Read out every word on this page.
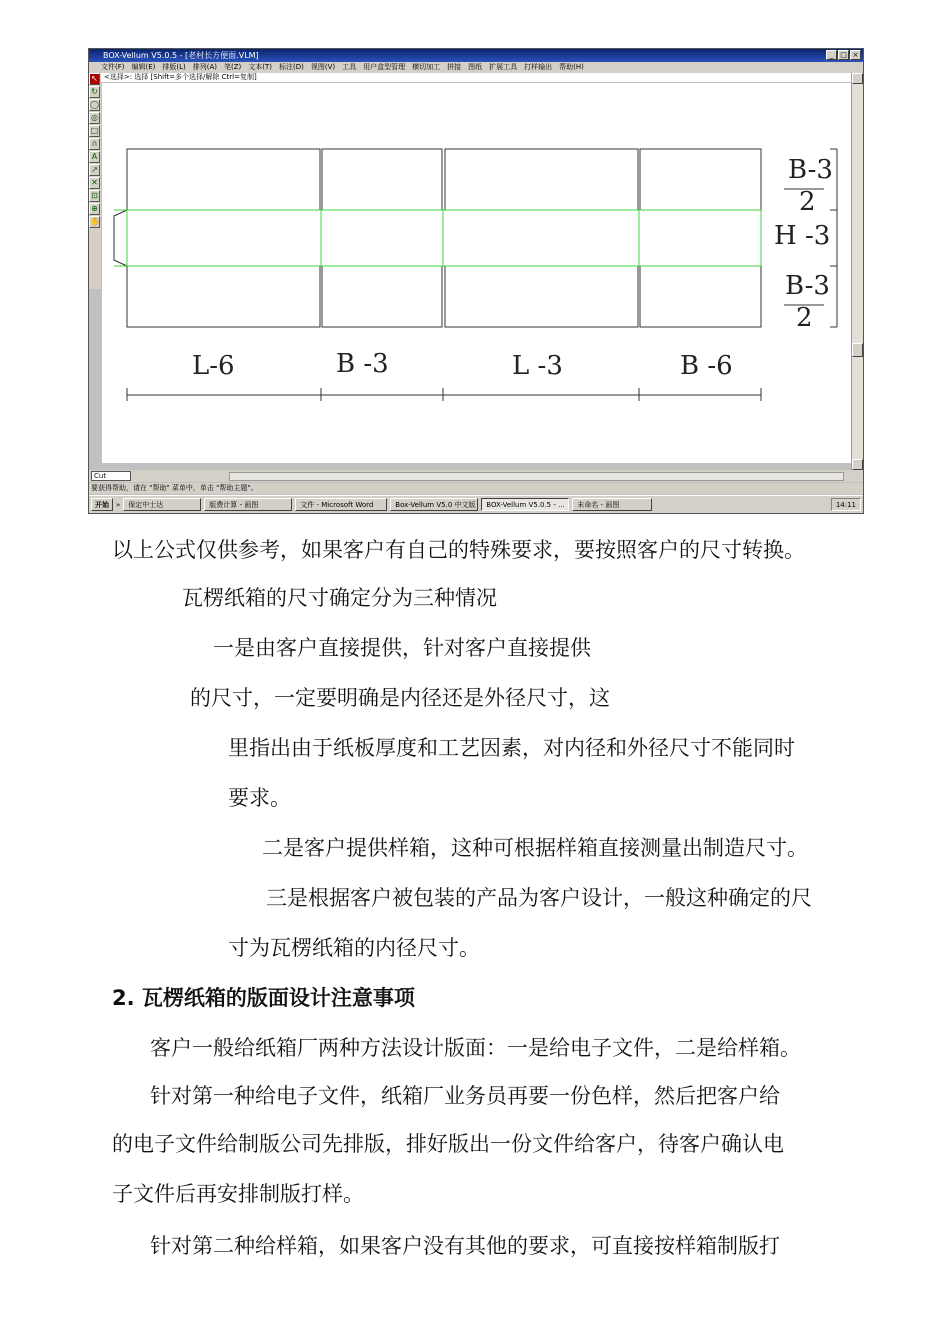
BOX-Vellum V5.0.5 - [老村长方便面.VLM]	_ □ ×
文件(F) 编辑(E) 排版(L) 排列(A) 笔(Z) 文本(T) 标注(D) 视图(V) 工具 用户盒型管理 横切加工 拼接 图纸 扩展工具 打样输出 帮助(H)
↖
↻
◯
◎
□
∩
A
↗
✕
⊡
⊕
✋
<选择>: 选择 [Shift=多个选择/解除 Ctrl=复制]
L-6	B -3	L -3	B -6
B-3
2
H -3
B-3
2
Cut
要获得帮助，请在 "帮助" 菜单中，单击 "帮助主题"。
开始	»	保定中士达	版费计算 - 画图	文件 - Microsoft Word	Box-Vellum V5.0 中文版	BOX-Vellum V5.0.5 - ...	未命名 - 画图	14:11

以上公式仅供参考，如果客户有自己的特殊要求，要按照客户的尺寸转换。

瓦楞纸箱的尺寸确定分为三种情况

一是由客户直接提供，针对客户直接提供

的尺寸，一定要明确是内径还是外径尺寸，这

里指出由于纸板厚度和工艺因素，对内径和外径尺寸不能同时

要求。

二是客户提供样箱，这种可根据样箱直接测量出制造尺寸。

三是根据客户被包装的产品为客户设计，一般这种确定的尺

寸为瓦楞纸箱的内径尺寸。

2. 瓦楞纸箱的版面设计注意事项

客户一般给纸箱厂两种方法设计版面：一是给电子文件，二是给样箱。

针对第一种给电子文件，纸箱厂业务员再要一份色样，然后把客户给

的电子文件给制版公司先排版，排好版出一份文件给客户，待客户确认电

子文件后再安排制版打样。

针对第二种给样箱，如果客户没有其他的要求，可直接按样箱制版打
